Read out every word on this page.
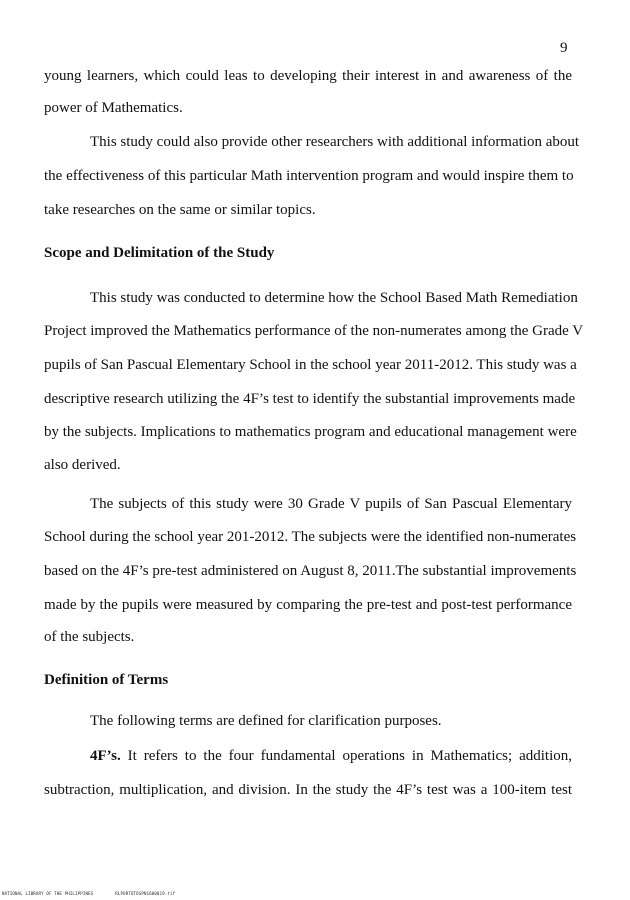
9
young learners, which could leas to developing their interest in and awareness of the
power of Mathematics.
This study could also provide other researchers with additional information about
the effectiveness of this particular Math intervention program and would inspire them to
take researches on the same or similar topics.
Scope and Delimitation of the Study
This study was conducted to determine how the School Based Math Remediation
Project improved the Mathematics performance of the non-numerates among the Grade V
pupils of San Pascual Elementary School in the school year 2011-2012. This study was a
descriptive research utilizing the 4F’s test to identify the substantial improvements made
by the subjects. Implications to mathematics program and educational management were
also derived.
The subjects of this study were 30 Grade V pupils of San Pascual Elementary
School during the school year 201-2012. The subjects were the identified non-numerates
based on the 4F’s pre-test administered on August 8, 2011.The substantial improvements
made by the pupils were measured by comparing the pre-test and post-test performance
of the subjects.
Definition of Terms
The following terms are defined for clarification purposes.
4F’s. It refers to the four fundamental operations in Mathematics; addition,
subtraction, multiplication, and division. In the study the 4F’s test was a 100-item test
NATIONAL LIBRARY OF THE PHILIPPINES	RLPORTOTOSPN1600019.tif
